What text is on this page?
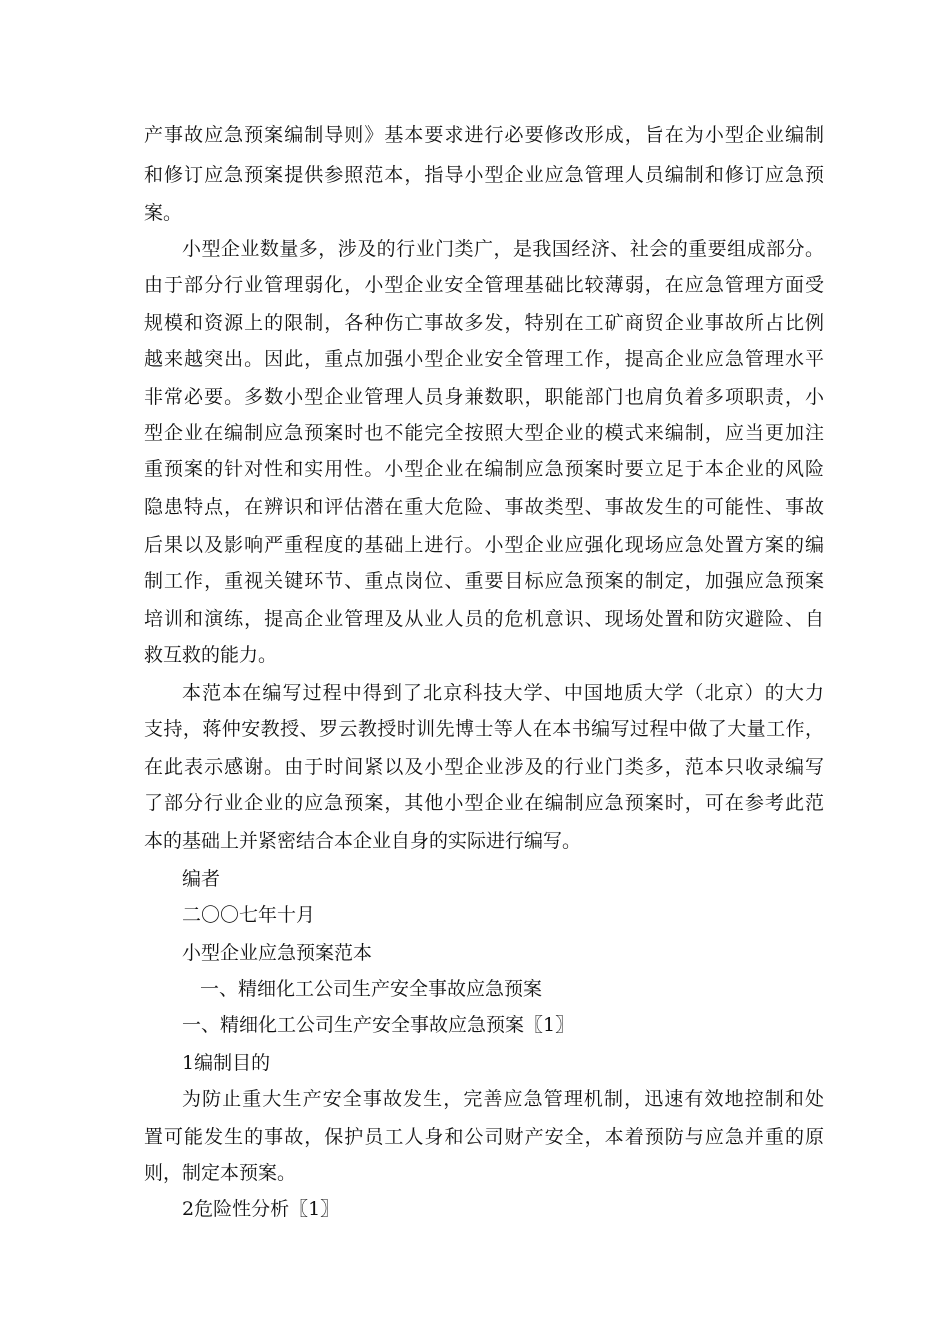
产事故应急预案编制导则》基本要求进行必要修改形成，旨在为小型企业编制
和修订应急预案提供参照范本，指导小型企业应急管理人员编制和修订应急预
案。
小型企业数量多，涉及的行业门类广，是我国经济、社会的重要组成部分。
由于部分行业管理弱化，小型企业安全管理基础比较薄弱，在应急管理方面受
规模和资源上的限制，各种伤亡事故多发，特别在工矿商贸企业事故所占比例
越来越突出。因此，重点加强小型企业安全管理工作，提高企业应急管理水平
非常必要。多数小型企业管理人员身兼数职，职能部门也肩负着多项职责，小
型企业在编制应急预案时也不能完全按照大型企业的模式来编制，应当更加注
重预案的针对性和实用性。小型企业在编制应急预案时要立足于本企业的风险
隐患特点，在辨识和评估潜在重大危险、事故类型、事故发生的可能性、事故
后果以及影响严重程度的基础上进行。小型企业应强化现场应急处置方案的编
制工作，重视关键环节、重点岗位、重要目标应急预案的制定，加强应急预案
培训和演练，提高企业管理及从业人员的危机意识、现场处置和防灾避险、自
救互救的能力。
本范本在编写过程中得到了北京科技大学、中国地质大学（北京）的大力
支持，蒋仲安教授、罗云教授时训先博士等人在本书编写过程中做了大量工作，
在此表示感谢。由于时间紧以及小型企业涉及的行业门类多，范本只收录编写
了部分行业企业的应急预案，其他小型企业在编制应急预案时，可在参考此范
本的基础上并紧密结合本企业自身的实际进行编写。
编者
二〇〇七年十月
小型企业应急预案范本
一、精细化工公司生产安全事故应急预案
一、精细化工公司生产安全事故应急预案〖1〗
1编制目的
为防止重大生产安全事故发生，完善应急管理机制，迅速有效地控制和处
置可能发生的事故，保护员工人身和公司财产安全，本着预防与应急并重的原
则，制定本预案。
2危险性分析〖1〗
